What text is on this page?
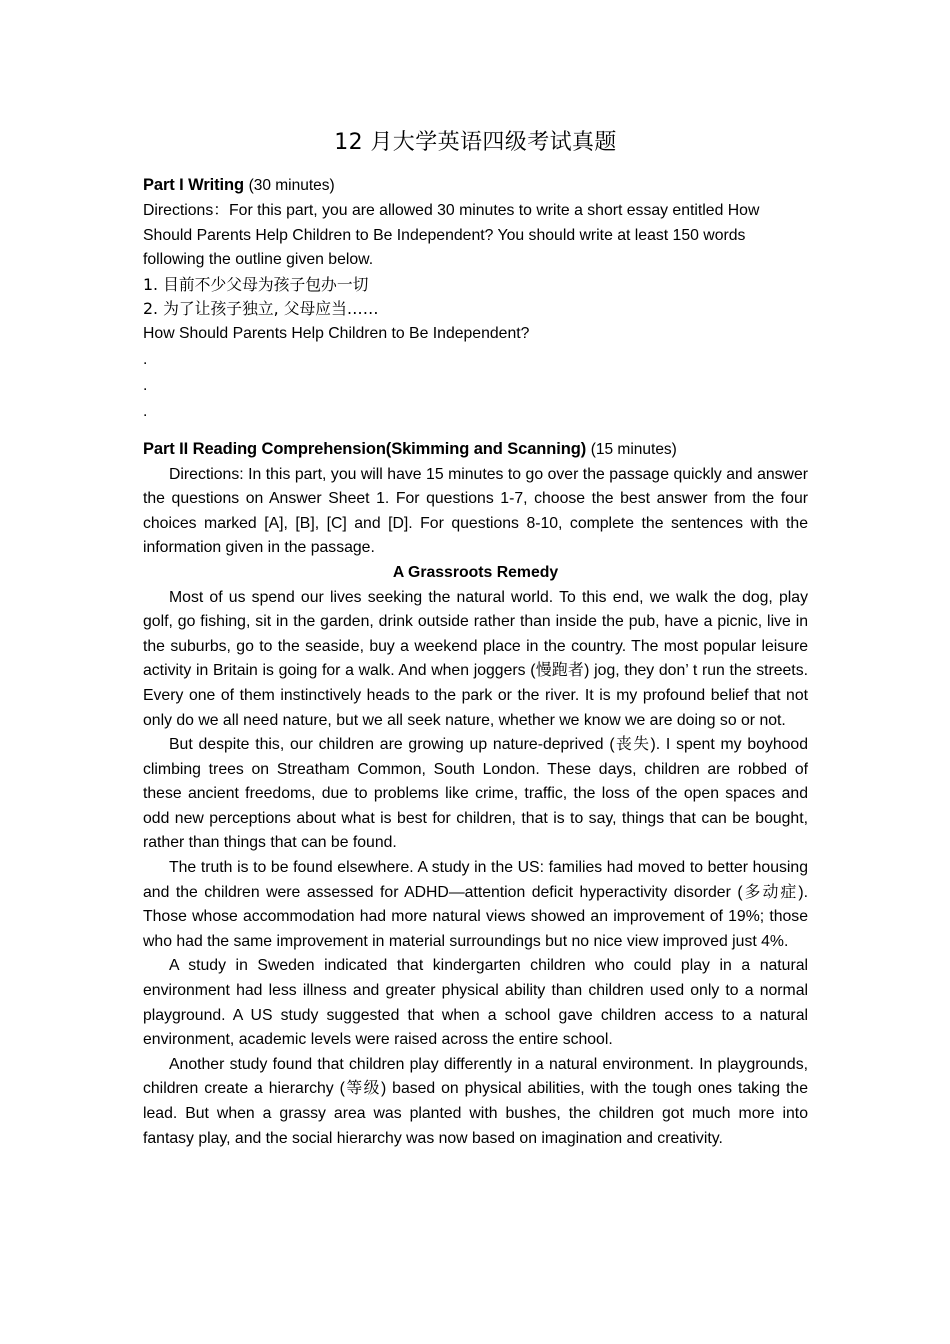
12 月大学英语四级考试真题
Part I Writing (30 minutes)

Directions：For this part, you are allowed 30 minutes to write a short essay entitled How Should Parents Help Children to Be Independent? You should write at least 150 words following the outline given below.

1. 目前不少父母为孩子包办一切

2. 为了让孩子独立, 父母应当……

How Should Parents Help Children to Be Independent?

.

.

.

Part II Reading Comprehension(Skimming and Scanning) (15 minutes)

Directions: In this part, you will have 15 minutes to go over the passage quickly and answer the questions on Answer Sheet 1. For questions 1-7, choose the best answer from the four choices marked [A], [B], [C] and [D]. For questions 8-10, complete the sentences with the information given in the passage.

A Grassroots Remedy

Most of us spend our lives seeking the natural world. To this end, we walk the dog, play golf, go fishing, sit in the garden, drink outside rather than inside the pub, have a picnic, live in the suburbs, go to the seaside, buy a weekend place in the country. The most popular leisure activity in Britain is going for a walk. And when joggers (慢跑者) jog, they don’ t run the streets. Every one of them instinctively heads to the park or the river. It is my profound belief that not only do we all need nature, but we all seek nature, whether we know we are doing so or not.

But despite this, our children are growing up nature-deprived (丧失). I spent my boyhood climbing trees on Streatham Common, South London. These days, children are robbed of these ancient freedoms, due to problems like crime, traffic, the loss of the open spaces and odd new perceptions about what is best for children, that is to say, things that can be bought, rather than things that can be found.

The truth is to be found elsewhere. A study in the US: families had moved to better housing and the children were assessed for ADHD—attention deficit hyperactivity disorder (多动症). Those whose accommodation had more natural views showed an improvement of 19%; those who had the same improvement in material surroundings but no nice view improved just 4%.

A study in Sweden indicated that kindergarten children who could play in a natural environment had less illness and greater physical ability than children used only to a normal playground. A US study suggested that when a school gave children access to a natural environment, academic levels were raised across the entire school.

Another study found that children play differently in a natural environment. In playgrounds, children create a hierarchy (等级) based on physical abilities, with the tough ones taking the lead. But when a grassy area was planted with bushes, the children got much more into fantasy play, and the social hierarchy was now based on imagination and creativity.
